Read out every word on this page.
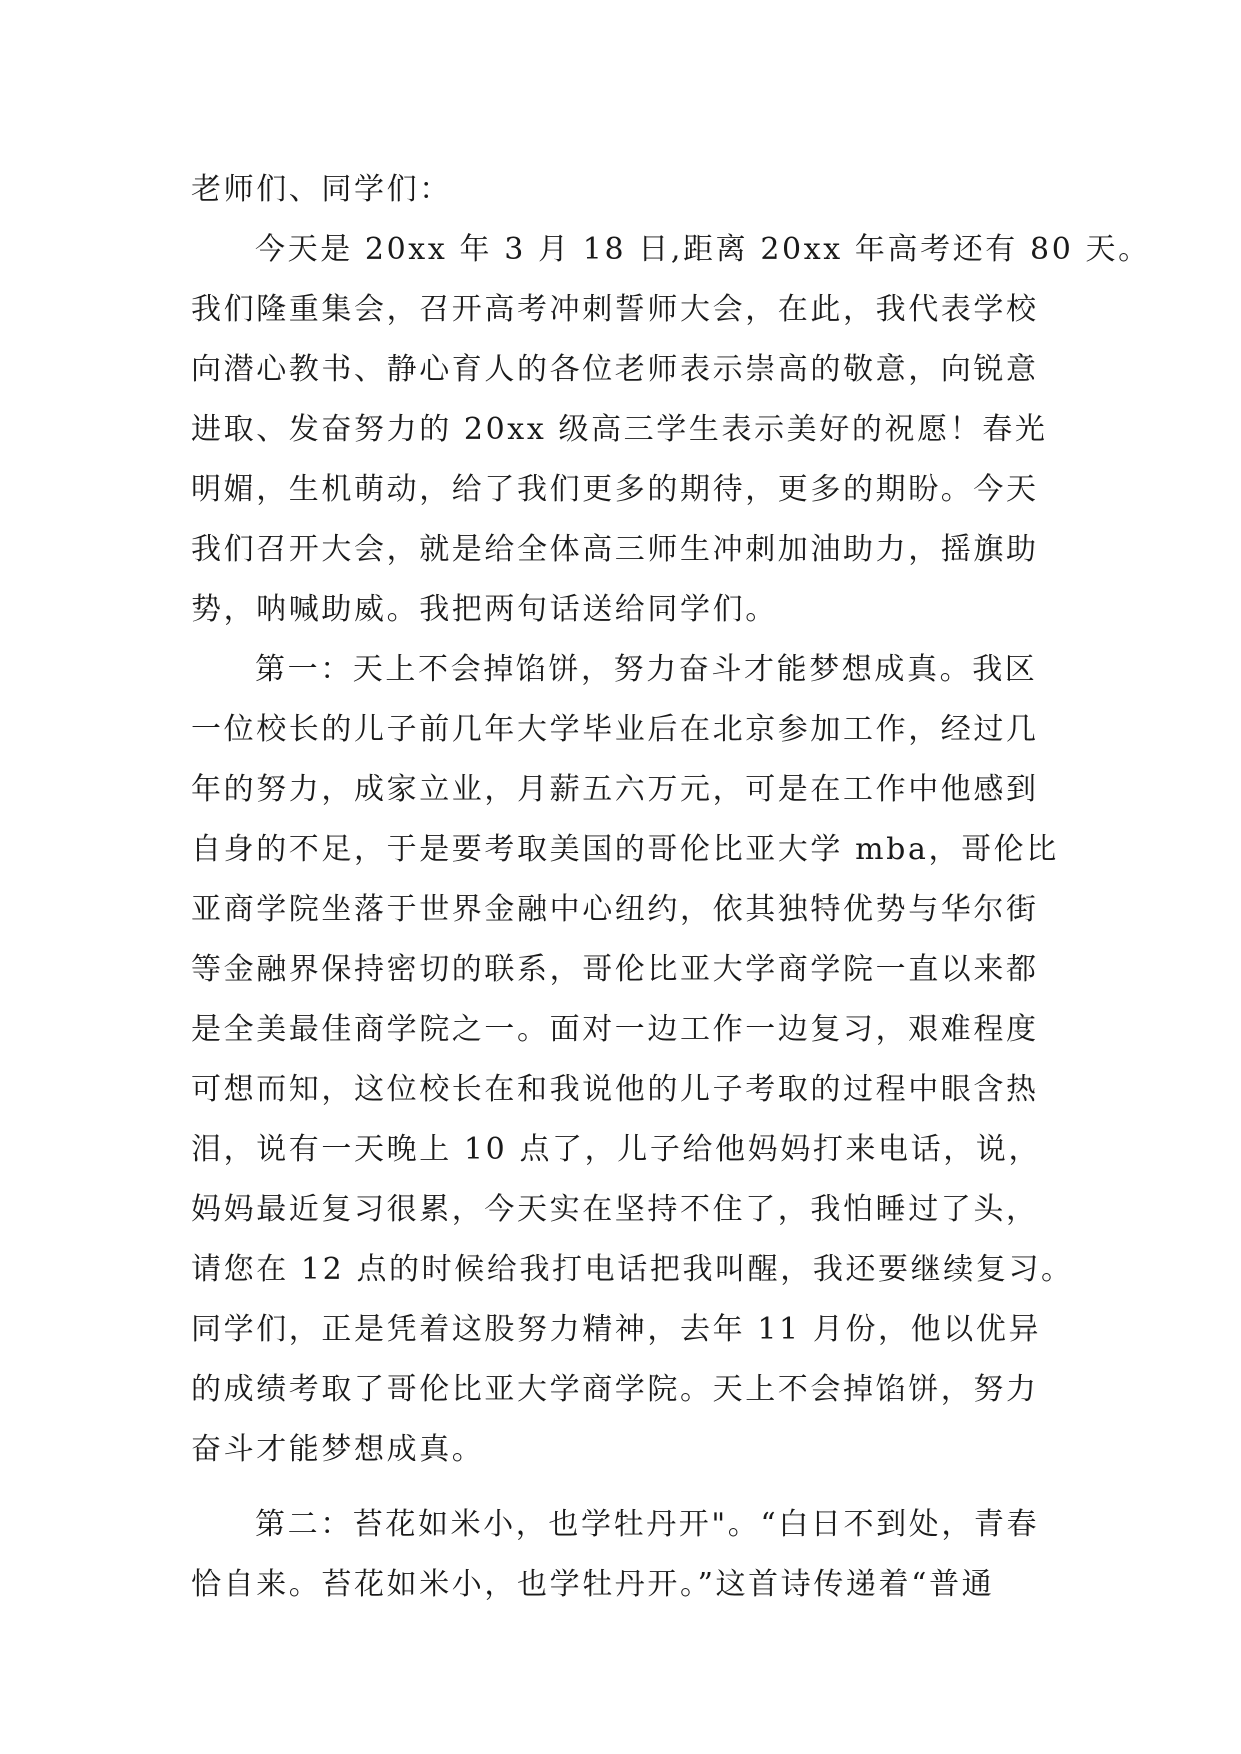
老师们、同学们：
今天是 20xx 年 3 月 18 日,距离 20xx 年高考还有 80 天。
我们隆重集会，召开高考冲刺誓师大会，在此，我代表学校
向潜心教书、静心育人的各位老师表示崇高的敬意，向锐意
进取、发奋努力的 20xx 级高三学生表示美好的祝愿！春光
明媚，生机萌动，给了我们更多的期待，更多的期盼。今天
我们召开大会，就是给全体高三师生冲刺加油助力，摇旗助
势，呐喊助威。我把两句话送给同学们。
第一：天上不会掉馅饼，努力奋斗才能梦想成真。我区
一位校长的儿子前几年大学毕业后在北京参加工作，经过几
年的努力，成家立业，月薪五六万元，可是在工作中他感到
自身的不足，于是要考取美国的哥伦比亚大学 mba，哥伦比
亚商学院坐落于世界金融中心纽约，依其独特优势与华尔街
等金融界保持密切的联系，哥伦比亚大学商学院一直以来都
是全美最佳商学院之一。面对一边工作一边复习，艰难程度
可想而知，这位校长在和我说他的儿子考取的过程中眼含热
泪，说有一天晚上 10 点了，儿子给他妈妈打来电话，说，
妈妈最近复习很累，今天实在坚持不住了，我怕睡过了头，
请您在 12 点的时候给我打电话把我叫醒，我还要继续复习。
同学们，正是凭着这股努力精神，去年 11 月份，他以优异
的成绩考取了哥伦比亚大学商学院。天上不会掉馅饼，努力
奋斗才能梦想成真。
第二：苔花如米小，也学牡丹开"。“白日不到处，青春
恰自来。苔花如米小，也学牡丹开。”这首诗传递着“普通
